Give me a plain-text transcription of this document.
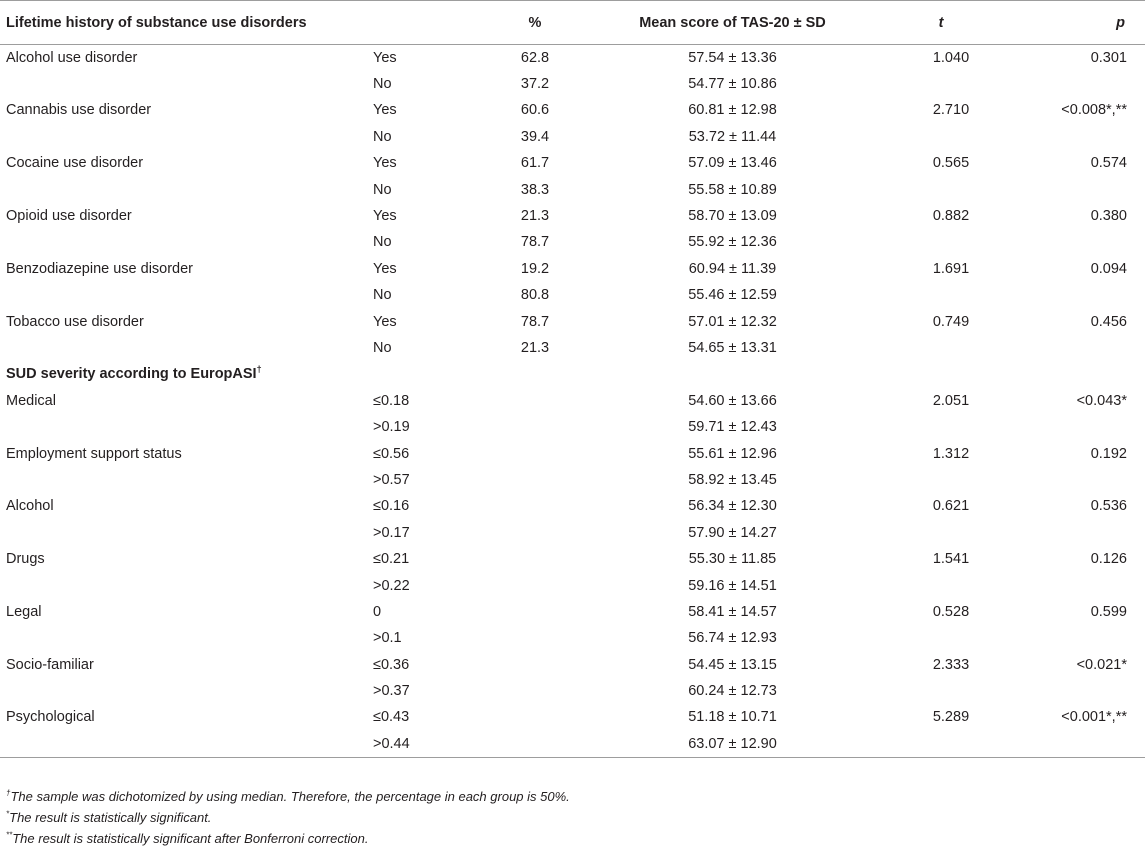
Lifetime history of substance use disorders		%	Mean score of TAS-20 ± SD	t	p
Alcohol use disorder	Yes	62.8	57.54 ± 13.36	1.040	0.301
	No	37.2	54.77 ± 10.86		
Cannabis use disorder	Yes	60.6	60.81 ± 12.98	2.710	<0.008*,**
	No	39.4	53.72 ± 11.44		
Cocaine use disorder	Yes	61.7	57.09 ± 13.46	0.565	0.574
	No	38.3	55.58 ± 10.89		
Opioid use disorder	Yes	21.3	58.70 ± 13.09	0.882	0.380
	No	78.7	55.92 ± 12.36		
Benzodiazepine use disorder	Yes	19.2	60.94 ± 11.39	1.691	0.094
	No	80.8	55.46 ± 12.59		
Tobacco use disorder	Yes	78.7	57.01 ± 12.32	0.749	0.456
	No	21.3	54.65 ± 13.31		
SUD severity according to EuropASI†
Medical	≤0.18		54.60 ± 13.66	2.051	<0.043*
	>0.19		59.71 ± 12.43		
Employment support status	≤0.56		55.61 ± 12.96	1.312	0.192
	>0.57		58.92 ± 13.45		
Alcohol	≤0.16		56.34 ± 12.30	0.621	0.536
	>0.17		57.90 ± 14.27		
Drugs	≤0.21		55.30 ± 11.85	1.541	0.126
	>0.22		59.16 ± 14.51		
Legal	0		58.41 ± 14.57	0.528	0.599
	>0.1		56.74 ± 12.93		
Socio-familiar	≤0.36		54.45 ± 13.15	2.333	<0.021*
	>0.37		60.24 ± 12.73		
Psychological	≤0.43		51.18 ± 10.71	5.289	<0.001*,**
	>0.44		63.07 ± 12.90		
†The sample was dichotomized by using median. Therefore, the percentage in each group is 50%.
*The result is statistically significant.
**The result is statistically significant after Bonferroni correction.
